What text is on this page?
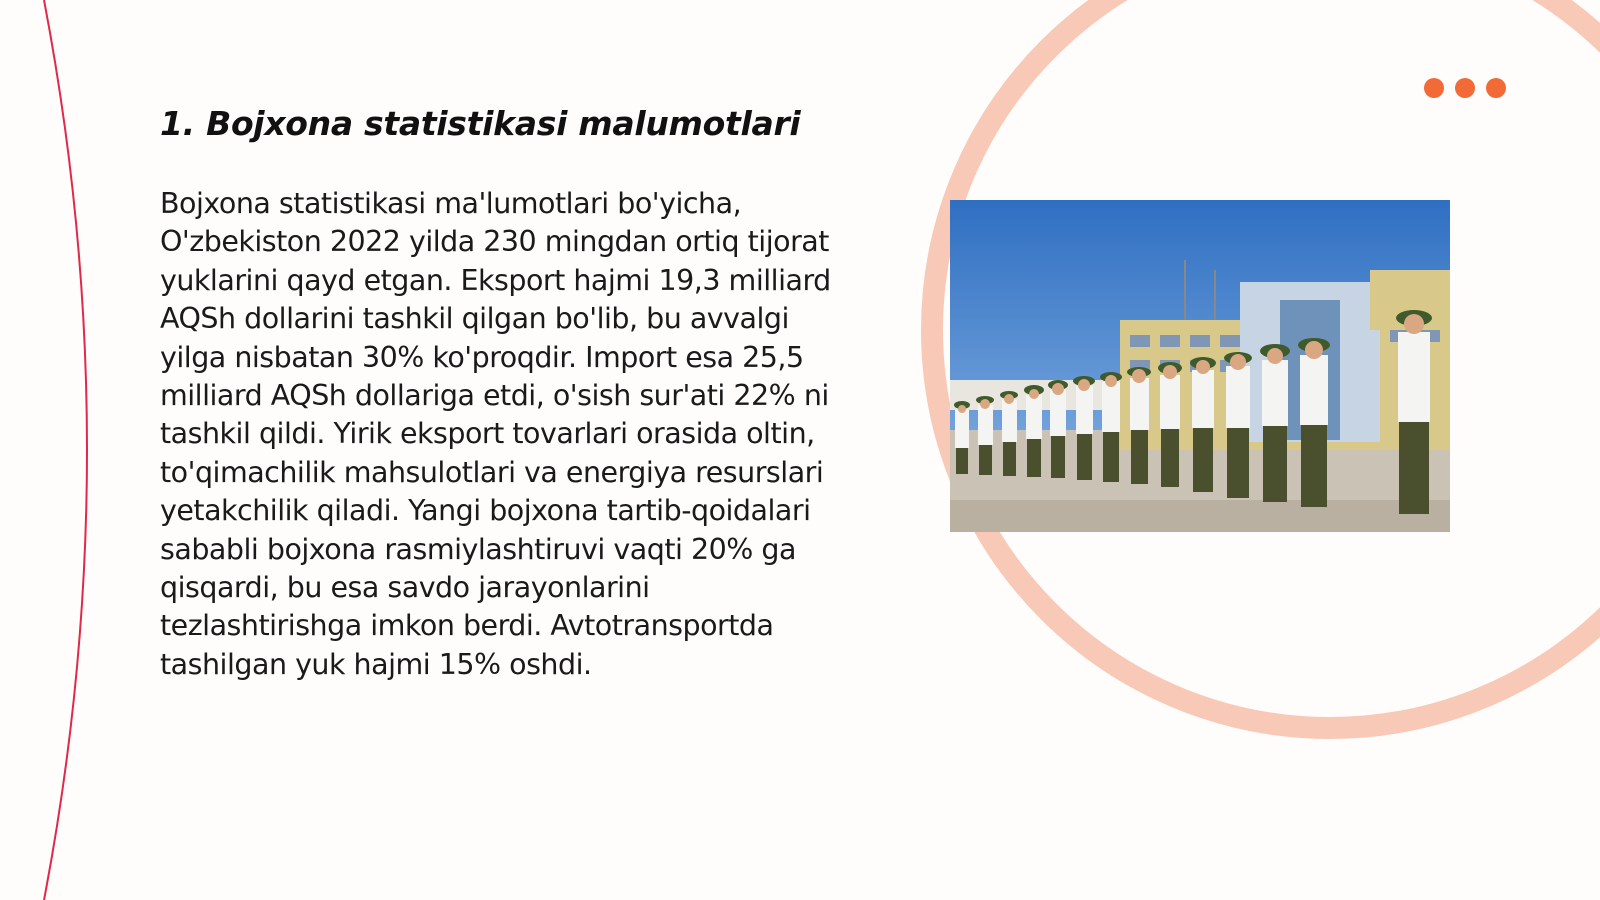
1. Bojxona statistikasi malumotlari

Bojxona statistikasi ma'lumotlari bo'yicha, O'zbekiston 2022 yilda 230 mingdan ortiq tijorat yuklarini qayd etgan. Eksport hajmi 19,3 milliard AQSh dollarini tashkil qilgan bo'lib, bu avvalgi yilga nisbatan 30% ko'proqdir. Import esa 25,5 milliard AQSh dollariga etdi, o'sish sur'ati 22% ni tashkil qildi. Yirik eksport tovarlari orasida oltin, to'qimachilik mahsulotlari va energiya resurslari yetakchilik qiladi. Yangi bojxona tartib-qoidalari sababli bojxona rasmiylashtiruvi vaqti 20% ga qisqardi, bu esa savdo jarayonlarini tezlashtirishga imkon berdi. Avtotransportda tashilgan yuk hajmi 15% oshdi.
